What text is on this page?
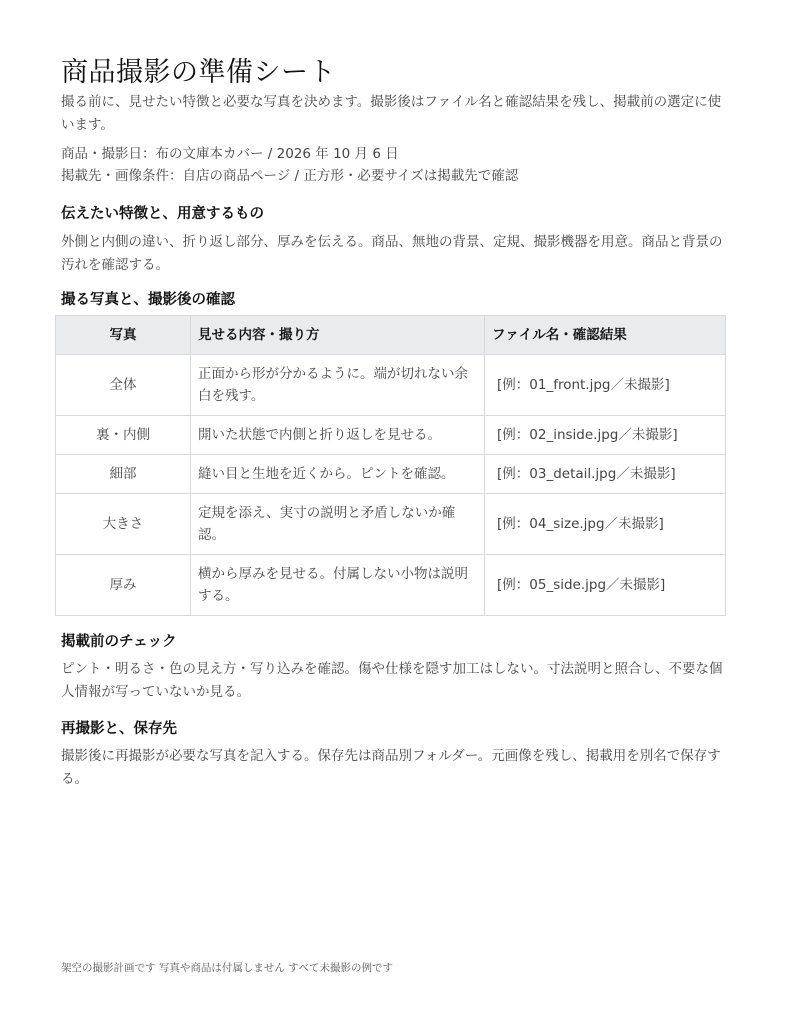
商品撮影の準備シート

撮る前に、見せたい特徴と必要な写真を決めます。撮影後はファイル名と確認結果を残し、掲載前の選定に使います。

商品・撮影日：布の文庫本カバー / 2026 年 10 月 6 日

掲載先・画像条件：自店の商品ページ / 正方形・必要サイズは掲載先で確認

伝えたい特徴と、用意するもの

外側と内側の違い、折り返し部分、厚みを伝える。商品、無地の背景、定規、撮影機器を用意。商品と背景の汚れを確認する。

撮る写真と、撮影後の確認
写真	見せる内容・撮り方	ファイル名・確認結果
全体	正面から形が分かるように。端が切れない余白を残す。	[例：01_front.jpg／未撮影]
裏・内側	開いた状態で内側と折り返しを見せる。	[例：02_inside.jpg／未撮影]
細部	縫い目と生地を近くから。ピントを確認。	[例：03_detail.jpg／未撮影]
大きさ	定規を添え、実寸の説明と矛盾しないか確認。	[例：04_size.jpg／未撮影]
厚み	横から厚みを見せる。付属しない小物は説明する。	[例：05_side.jpg／未撮影]
掲載前のチェック

ピント・明るさ・色の見え方・写り込みを確認。傷や仕様を隠す加工はしない。寸法説明と照合し、不要な個人情報が写っていないか見る。

再撮影と、保存先

撮影後に再撮影が必要な写真を記入する。保存先は商品別フォルダー。元画像を残し、掲載用を別名で保存する。

架空の撮影計画です 写真や商品は付属しません すべて未撮影の例です
